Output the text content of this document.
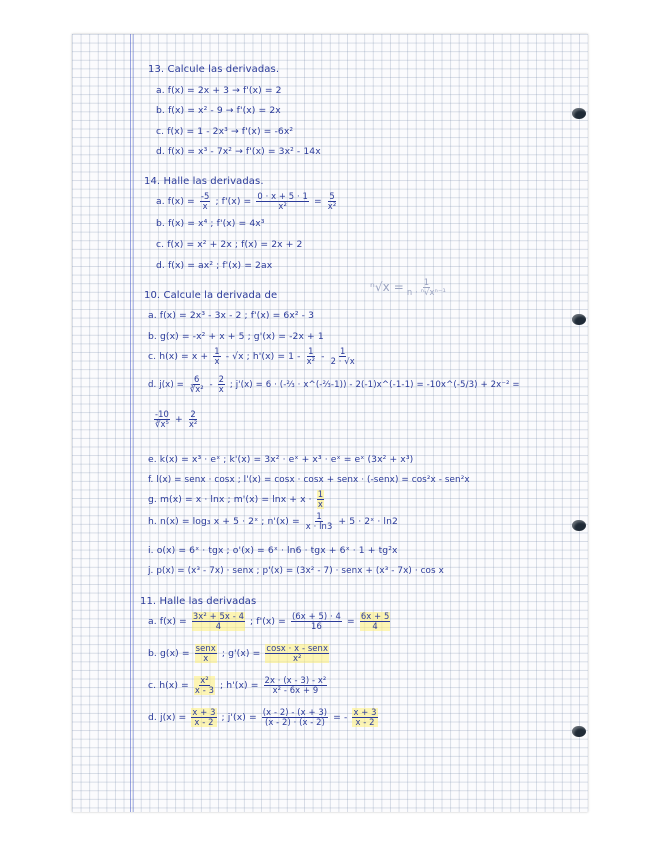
13. Calcule las derivadas.
a. f(x) = 2x + 3 → f'(x) = 2
b. f(x) = x² - 9 → f'(x) = 2x
c. f(x) = 1 - 2x³ → f'(x) = -6x²
d. f(x) = x³ - 7x² → f'(x) = 3x² - 14x
14. Halle las derivadas.
a. $f(x) = \frac{-5}{x}$ ; $f'(x) = \frac{0 \cdot x + 5 \cdot 1}{\text{x²}} = \frac{5}{\text{x²}}$
b. f(x) = x⁴ ; f'(x) = 4x³
c. f(x) = x² + 2x ; f(x) = 2x + 2
d. f(x) = ax² ; f'(x) = 2ax
$^n√x = \frac{1}{\text{n · ⁿ√xⁿ⁻¹}}$
10. Calcule la derivada de
a. f(x) = 2x³ - 3x - 2 ; f'(x) = 6x² - 3
b. g(x) = -x² + x + 5 ; g'(x) = -2x + 1
c. $h(x) = x + \frac{1}{x} - √x$ ; $h'(x) = 1 - \frac{1}{\text{x²}} - \frac{1}{2 \cdot √x}$
d. $j(x) = \frac{6}{\text{∛x²}} - \frac{2}{x}$ ; j'(x) = 6 · (-⅔ · x^(-⅔-1)) - 2(-1)x^(-1-1) = -10x^(-5/3) + 2x⁻² =
$\frac{-10}{\text{∛x⁵}} + \frac{2}{\text{x²}}$
e. k(x) = x³ · eˣ ; k'(x) = 3x² · eˣ + x³ · eˣ = eˣ (3x² + x³)
f. l(x) = senx · cosx ; l'(x) = cosx · cosx + senx · (-senx) = cos²x - sen²x
g. m(x) = x · lnx ; $m'(x) = \ln x + x \cdot \frac{1}{x}$
h. n(x) = log₃ x + 5 · 2ˣ ; $n'(x) = \frac{1}{x \cdot \ln 3} + 5$ · 2ˣ · ln2
i. o(x) = 6ˣ · tgx ; o'(x) = 6ˣ · ln6 · tgx + 6ˣ · 1 + tg²x
j. p(x) = (x³ - 7x) · senx ; p'(x) = (3x² - 7) · senx + (x³ - 7x) · cos x
11. Halle las derivadas
a. $f(x) = \frac{\text{3x² + 5x - 4}}{4}$ ; $f'(x) = \frac{(6x + 5) \cdot 4}{16} = \frac{6x + 5}{4}$
b. $g(x) = \frac{\text{senx}}{x}$ ; $g'(x) = \frac{\text{cosx · x - senx}}{\text{x²}}$
c. $h(x) = \frac{\text{x²}}{x - 3}$ ; $h'(x) = \frac{\text{2x · (x - 3) - x²}}{\text{x² - 6x + 9}}$
d. $j(x) = \frac{x + 3}{x - 2}$ ; $j'(x) = \frac{(x - 2) - (x + 3)}{(x - 2) \cdot (x - 2)}$ = - $\frac{x + 3}{x - 2}$
